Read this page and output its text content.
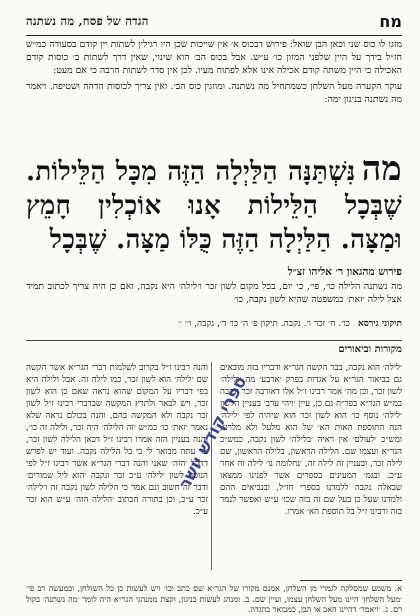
מח
הגדה של פסח, מה נשתנה

מזגו לו כוס שני וכאן הבן שואל: פירוש דבכוס א׳ אין שייכות שכן היו רגילין לשתות יין קודם בסעודה כמ״ש חז״ל בידך על היין שלפני המזון כו׳ ע״ש. אבל בכוס הב׳ הוא שינוי, שאין דרך לשתות ב׳ כוסות קודם האכילה כי היין משתה קודם אכילה אינו אלא לפתוח מעיו. לכן אין סדר לשתות הרבה כי אם מעט:

עוקר הקערה מעל השלחן כשמתחיל מה נשתנה. ומוזגין כוס הב׳. ואין צריך לכוסות הדהה ושטיפה. ויאמר מה נשתנה בניגון ימה:

מהנִּשְׁתַּנָּה הַלַּיְלָה הַזֶּה מִכָּל הַלֵּילוֹת. שֶׁבְּכָל הַלֵּילוֹת אָנוּ אוֹכְלִין חָמֵץ וּמַצָּה. הַלַּיְלָה הַזֶּה כֻּלּוֹ מַצָּה. שֶׁבְּכָל
פירוש מהגאון ר׳ אליהו זצ״ל
מה נשתנה הלילה כו׳, פי׳, כי יום, בכל מקום לשון זכר ו׳לילה׳ היא נקבה, ואם כן היה צריך לכתוב תמיד אצל לילה ׳זאת׳ כמשפטה שהיא לשון נקבה, כו׳
תיקוני גירסא
כו׳. ח׳ זכר ו׳. נקבה. תיקון פ׳ ה׳ כו׳ ד׳, נקבה, ו׳׳ ׳׳
מקורות וביאורים
׳לילה׳ הוא נקבה, בבר הקשה הגר״א ודבריו בזה מובאים גם בביאור הגר״א על אגדות בפרק ׳ארבע׳ מה ׳ולילה׳ לשון זכר, וכן מה׳ אמר רבינו ז״ל אלו דאורבה זכר ונקבה במ״ש הגר״א בפר״ח גם כן, עיין ׳ויהי ערב׳ בעניין הלשון ׳לילה׳ נוסף כו׳ הוא לשון זכר הוא שיהיה לפי ׳לילה׳ הנה התוספת האות הא׳ של הוא מלעל ולא מלרע, ומש״כ ׳לעולם׳ אין ראיה ׳בלילה׳ לשון נקבה, כמש״כ הגר״א ועצמו שם. הלילה הראשון, בלילה הראשון, שם לילה זכר, ובעניין זה לילה זה, ׳נחלומה נו׳ לילה זה אחר ע״כ. ובגמ׳ המעינים בספרים אשר לפנינו ממצאו שבאלה נקבה ללמדנו בספרי חז״ל, ובנביאים ההם ולמדנו שעל כן בעל שם זה בזה שכו׳ ע״ש ואפשר לנמר בזה ורבינו ז״ל בל תוספת הא׳ אמרו.
והנה רבינו ז״ל בקרוב לשלמות דברי הגר״א אשר הקשה שם ׳לילה׳ הוא לשון זכר, כמו לילה זה. אבל ולילה היא בפי דבריו על המקום שהוא נראה שאם כן הוא לשון זכר, ויש לבאר ולתרץ המקשה שבדברי רבינו ז״ל לשון זכר נקבה ולא המקשה בהם, והנה בכולם נראה שלא נאמר ׳זאת׳ כו׳ כמ״ש ׳זה הלילה׳ היה זכר, ולילה זה כו׳, והנה בעניין הזה אמרו רבינו ז״ל דכאן הלילה לשון זכר, עד עתה מבואר לי כי כל הלילה נקבה. ועוד יש לפרש דהכל ׳הזה׳ שאני והנה דברי הגר״א אשר רבינו ז״ל לפי הנוסח לשון ׳לילה׳ ע״כ זכר ונקבה ׳הוא ליל שמורים׳ ודבר זה חשוב וגם אמר כי הלילה לשון נקבה זה ו׳לילה׳ זכר ע״כ, וכן בתורה הכתוב ׳הלילה הזה׳ ע״ש הוא זכר ע״כ.
ספרי קודש יושר
א. משמע שמסלקה לגמרי מן השלחן, אמנם מקורו של הגר״א שם כתב וכו׳ ויש לעשות כן כל השולחן, ובמעשה רב פי׳ ׳מעל השלחן׳ היינו מעל השלחן עצמו, ועיין שם. ב. ומנהג לעשות בניגון, וקצת ממנהגי הגר״א היה לומר ׳מה נשתנה׳ בקול רם. ג. ׳ויאמר׳ דהיינו האב או הבן, כמבואר בהגדה.
